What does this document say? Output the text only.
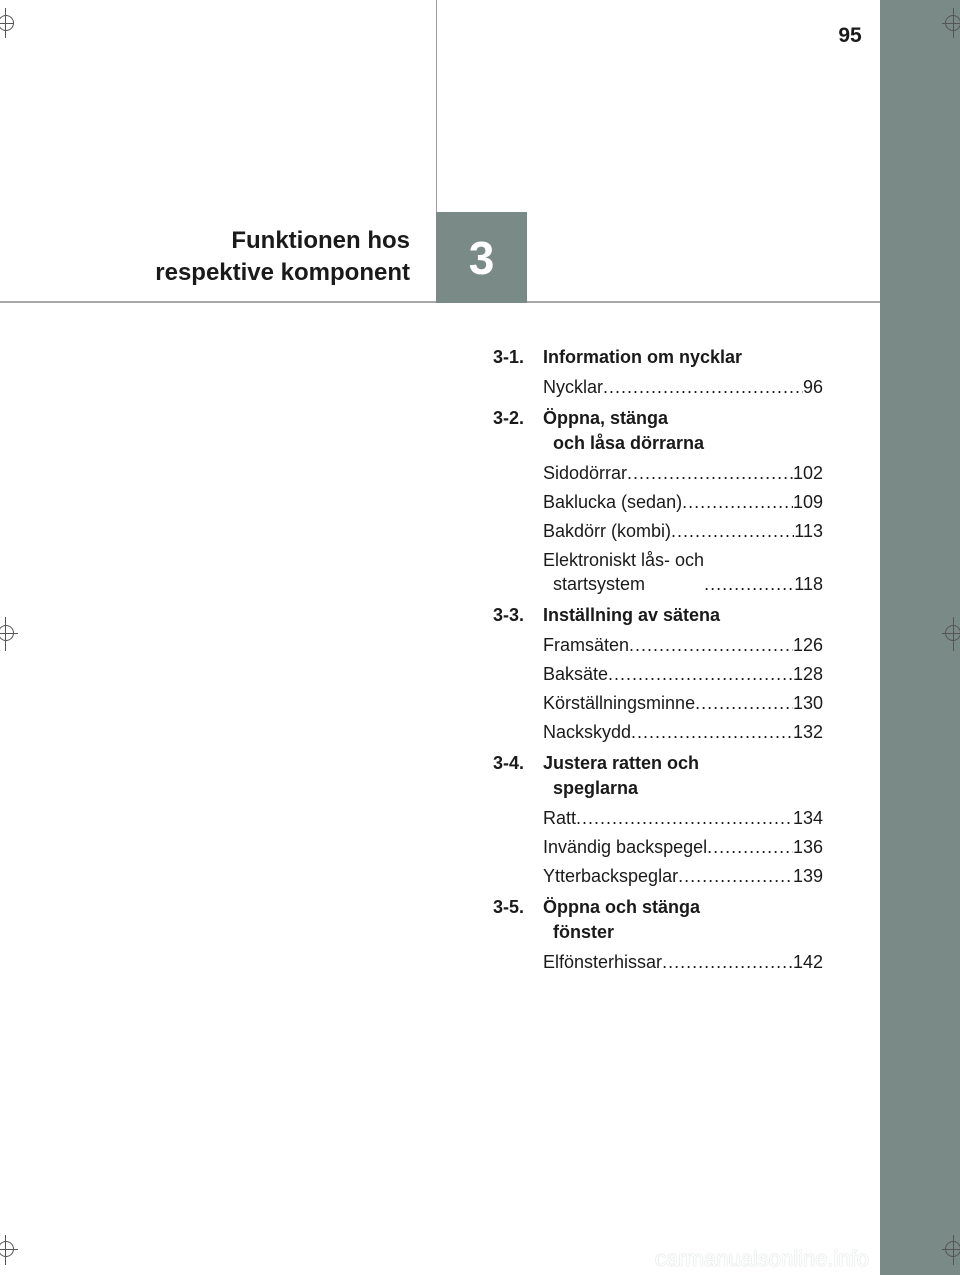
95
Funktionen hos
respektive komponent	3
3-1.	Information om nycklar
Nycklar .....	96
3-2.	Öppna, stänga
och låsa dörrarna
Sidodörrar .....	102
Baklucka (sedan) .....	109
Bakdörr (kombi) .....	113
Elektroniskt lås- och
startsystem .....	118
3-3.	Inställning av sätena
Framsäten .....	126
Baksäte .....	128
Körställningsminne .....	130
Nackskydd .....	132
3-4.	Justera ratten och
speglarna
Ratt .....	134
Invändig backspegel .....	136
Ytterbackspeglar .....	139
3-5.	Öppna och stänga
fönster
Elfönsterhissar .....	142
carmanualsonline.info
